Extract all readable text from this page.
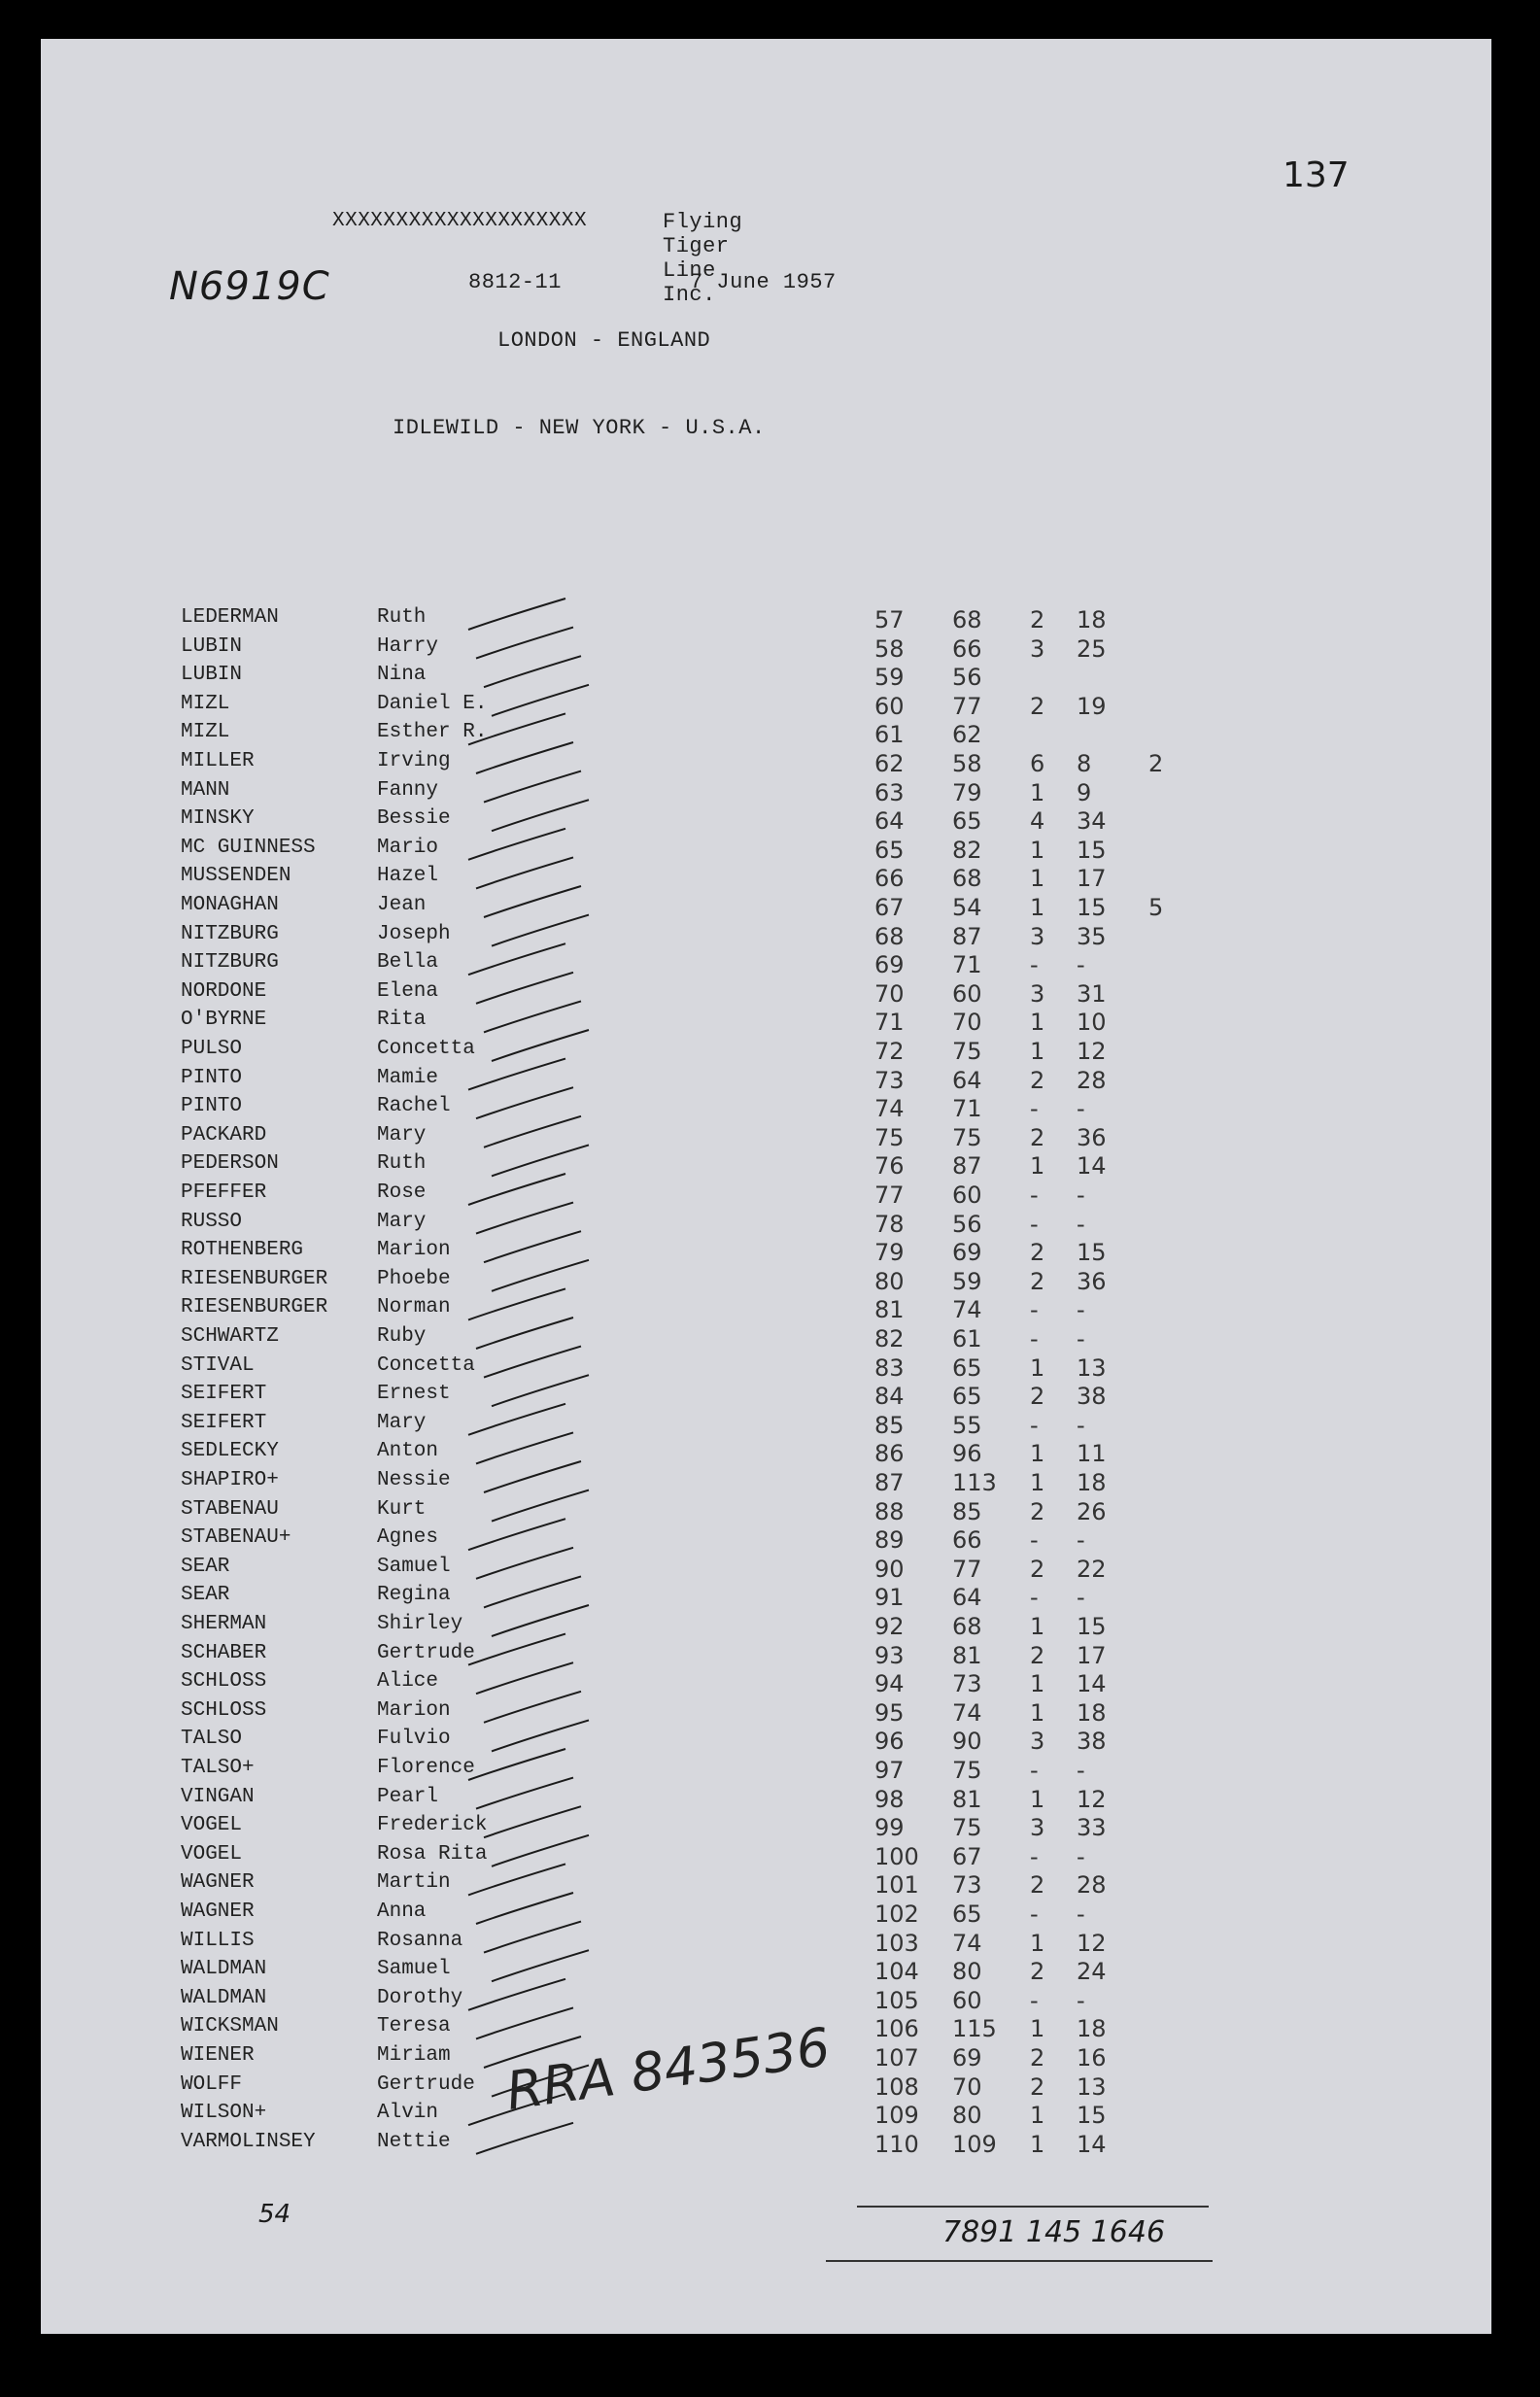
137
XXXXXXXXXXXXXXXXXXXX	Flying Tiger Line Inc.
N6919C	8812-11	7 June 1957
LONDON - ENGLAND
IDLEWILD - NEW YORK - U.S.A.
LEDERMAN	Ruth	57 68 2 18
LUBIN	Harry	58 66 3 25
LUBIN	Nina	59 56
MIZL	Daniel E.	60 77 2 19
MIZL	Esther R.	61 62
MILLER	Irving	62 58 6 8 2
MANN	Fanny	63 79 1 9
MINSKY	Bessie	64 65 4 34
MC GUINNESS	Mario	65 82 1 15
MUSSENDEN	Hazel	66 68 1 17
MONAGHAN	Jean	67 54 1 15 5
NITZBURG	Joseph	68 87 3 35
NITZBURG	Bella	69 71 - -
NORDONE	Elena	70 60 3 31
O'BYRNE	Rita	71 70 1 10
PULSO	Concetta	72 75 1 12
PINTO	Mamie	73 64 2 28
PINTO	Rachel	74 71 - -
PACKARD	Mary	75 75 2 36
PEDERSON	Ruth	76 87 1 14
PFEFFER	Rose	77 60 - -
RUSSO	Mary	78 56 - -
ROTHENBERG	Marion	79 69 2 15
RIESENBURGER Phoebe	80 59 2 36
RIESENBURGER Norman	81 74 - -
SCHWARTZ	Ruby	82 61 - -
STIVAL	Concetta	83 65 1 13
SEIFERT	Ernest	84 65 2 38
SEIFERT	Mary	85 55 - -
SEDLECKY	Anton	86 96 1 11
SHAPIRO+	Nessie	87 113 1 18
STABENAU	Kurt	88 85 2 26
STABENAU+	Agnes	89 66 - -
SEAR	Samuel	90 77 2 22
SEAR	Regina	91 64 - -
SHERMAN	Shirley	92 68 1 15
SCHABER	Gertrude	93 81 2 17
SCHLOSS	Alice	94 73 1 14
SCHLOSS	Marion	95 74 1 18
TALSO	Fulvio	96 90 3 38
TALSO+	Florence	97 75 - -
VINGAN	Pearl	98 81 1 12
VOGEL	Frederick	99 75 3 33
VOGEL	Rosa Rita	100 67 - -
WAGNER	Martin	101 73 2 28
WAGNER	Anna	102 65 - -
WILLIS	Rosanna	103 74 1 12
WALDMAN	Samuel	104 80 2 24
WALDMAN	Dorothy	105 60 - -
WICKSMAN	Teresa	106 115 1 18
WIENER	Miriam	107 69 2 16
WOLFF	Gertrude	108 70 2 13
WILSON+	Alvin	109 80 1 15
VARMOLINSEY	Nettie	110 109 1 14
RRA 843536
54
7891 145 1646
